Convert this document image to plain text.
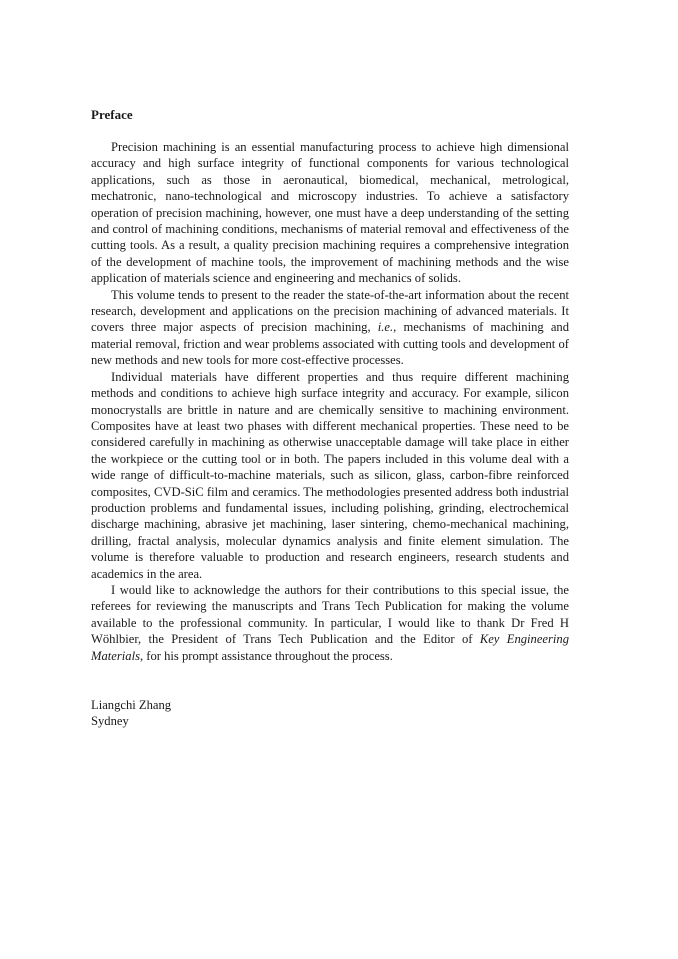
Preface

Precision machining is an essential manufacturing process to achieve high dimensional accuracy and high surface integrity of functional components for various technological applications, such as those in aeronautical, biomedical, mechanical, metrological, mechatronic, nano-technological and microscopy industries. To achieve a satisfactory operation of precision machining, however, one must have a deep understanding of the setting and control of machining conditions, mechanisms of material removal and effectiveness of the cutting tools. As a result, a quality precision machining requires a comprehensive integration of the development of machine tools, the improvement of machining methods and the wise application of materials science and engineering and mechanics of solids.

This volume tends to present to the reader the state-of-the-art information about the recent research, development and applications on the precision machining of advanced materials. It covers three major aspects of precision machining, i.e., mechanisms of machining and material removal, friction and wear problems associated with cutting tools and development of new methods and new tools for more cost-effective processes.

Individual materials have different properties and thus require different machining methods and conditions to achieve high surface integrity and accuracy. For example, silicon monocrystalls are brittle in nature and are chemically sensitive to machining environment. Composites have at least two phases with different mechanical properties. These need to be considered carefully in machining as otherwise unacceptable damage will take place in either the workpiece or the cutting tool or in both. The papers included in this volume deal with a wide range of difficult-to-machine materials, such as silicon, glass, carbon-fibre reinforced composites, CVD-SiC film and ceramics. The methodologies presented address both industrial production problems and fundamental issues, including polishing, grinding, electrochemical discharge machining, abrasive jet machining, laser sintering, chemo-mechanical machining, drilling, fractal analysis, molecular dynamics analysis and finite element simulation. The volume is therefore valuable to production and research engineers, research students and academics in the area.

I would like to acknowledge the authors for their contributions to this special issue, the referees for reviewing the manuscripts and Trans Tech Publication for making the volume available to the professional community. In particular, I would like to thank Dr Fred H Wöhlbier, the President of Trans Tech Publication and the Editor of Key Engineering Materials, for his prompt assistance throughout the process.

Liangchi Zhang
Sydney
